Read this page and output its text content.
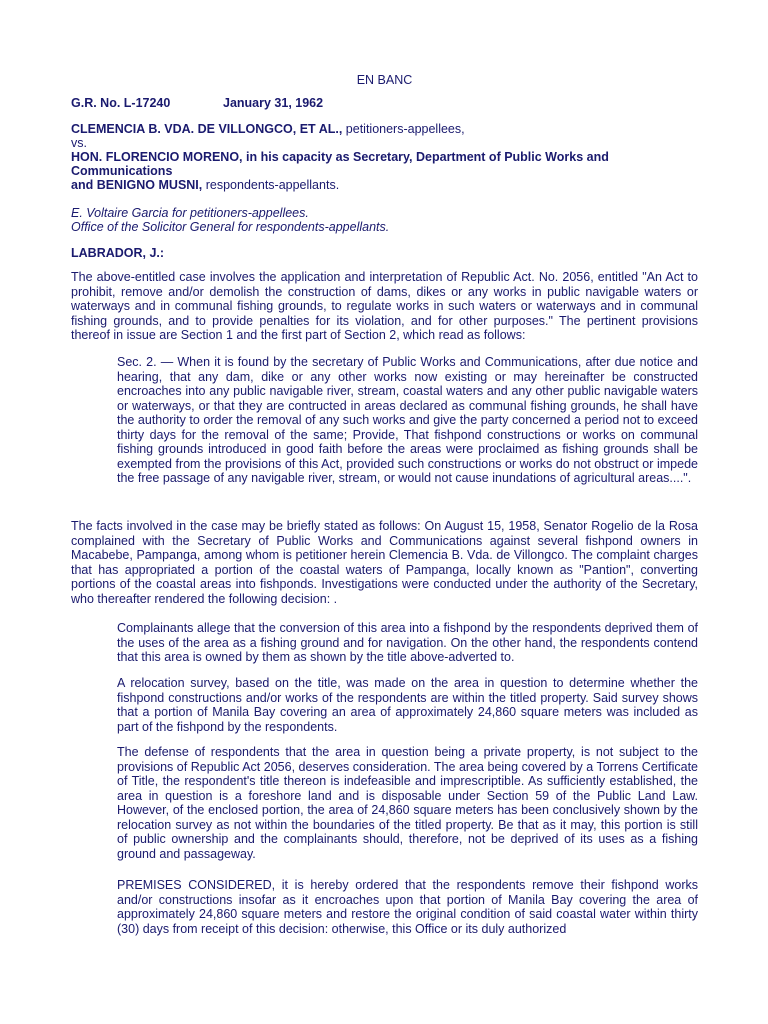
EN BANC
G.R. No. L-17240	January 31, 1962
CLEMENCIA B. VDA. DE VILLONGCO, ET AL., petitioners-appellees,
vs.
HON. FLORENCIO MORENO, in his capacity as Secretary, Department of Public Works and Communications
and BENIGNO MUSNI, respondents-appellants.
E. Voltaire Garcia for petitioners-appellees.
Office of the Solicitor General for respondents-appellants.
LABRADOR, J.:

The above-entitled case involves the application and interpretation of Republic Act. No. 2056, entitled "An Act to prohibit, remove and/or demolish the construction of dams, dikes or any works in public navigable waters or waterways and in communal fishing grounds, to regulate works in such waters or waterways and in communal fishing grounds, and to provide penalties for its violation, and for other purposes." The pertinent provisions thereof in issue are Section 1 and the first part of Section 2, which read as follows:

Sec. 2. — When it is found by the secretary of Public Works and Communications, after due notice and hearing, that any dam, dike or any other works now existing or may hereinafter be constructed encroaches into any public navigable river, stream, coastal waters and any other public navigable waters or waterways, or that they are contructed in areas declared as communal fishing grounds, he shall have the authority to order the removal of any such works and give the party concerned a period not to exceed thirty days for the removal of the same; Provide, That fishpond constructions or works on communal fishing grounds introduced in good faith before the areas were proclaimed as fishing grounds shall be exempted from the provisions of this Act, provided such constructions or works do not obstruct or impede the free passage of any navigable river, stream, or would not cause inundations of agricultural areas....".

The facts involved in the case may be briefly stated as follows: On August 15, 1958, Senator Rogelio de la Rosa complained with the Secretary of Public Works and Communications against several fishpond owners in Macabebe, Pampanga, among whom is petitioner herein Clemencia B. Vda. de Villongco. The complaint charges that has appropriated a portion of the coastal waters of Pampanga, locally known as "Pantion", converting portions of the coastal areas into fishponds. Investigations were conducted under the authority of the Secretary, who thereafter rendered the following decision: .

Complainants allege that the conversion of this area into a fishpond by the respondents deprived them of the uses of the area as a fishing ground and for navigation. On the other hand, the respondents contend that this area is owned by them as shown by the title above-adverted to.

A relocation survey, based on the title, was made on the area in question to determine whether the fishpond constructions and/or works of the respondents are within the titled property. Said survey shows that a portion of Manila Bay covering an area of approximately 24,860 square meters was included as part of the fishpond by the respondents.

The defense of respondents that the area in question being a private property, is not subject to the provisions of Republic Act 2056, deserves consideration. The area being covered by a Torrens Certificate of Title, the respondent's title thereon is indefeasible and imprescriptible. As sufficiently established, the area in question is a foreshore land and is disposable under Section 59 of the Public Land Law. However, of the enclosed portion, the area of 24,860 square meters has been conclusively shown by the relocation survey as not within the boundaries of the titled property. Be that as it may, this portion is still of public ownership and the complainants should, therefore, not be deprived of its uses as a fishing ground and passageway.

PREMISES CONSIDERED, it is hereby ordered that the respondents remove their fishpond works and/or constructions insofar as it encroaches upon that portion of Manila Bay covering the area of approximately 24,860 square meters and restore the original condition of said coastal water within thirty (30) days from receipt of this decision: otherwise, this Office or its duly authorized
